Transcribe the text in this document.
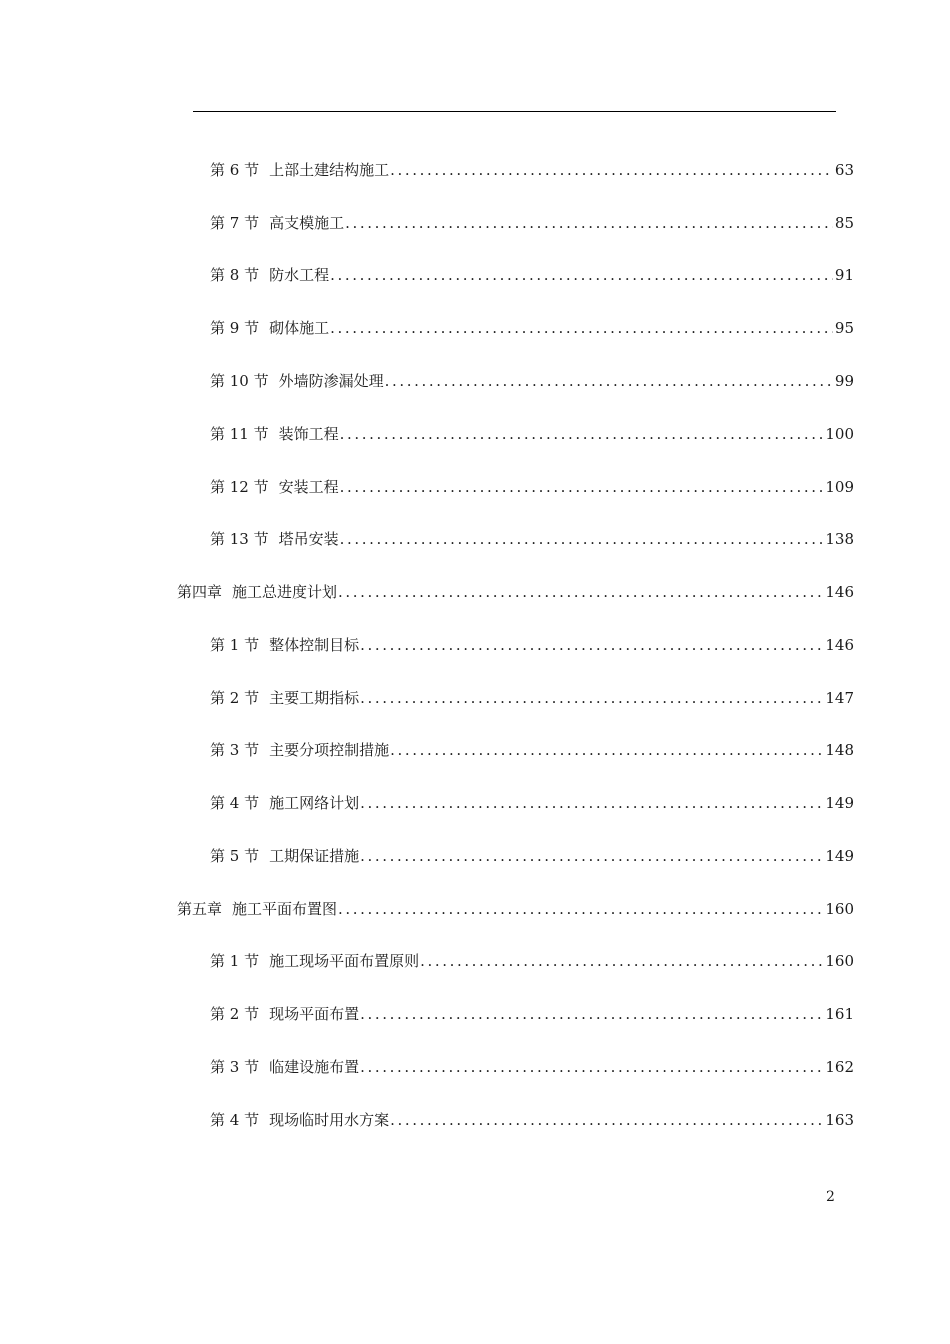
第 6 节 上部土建结构施工 .....	63
第 7 节 高支模施工 .....	85
第 8 节 防水工程 .....	91
第 9 节 砌体施工 .....	95
第 10 节 外墙防渗漏处理 .....	99
第 11 节 装饰工程 .....	100
第 12 节 安装工程 .....	109
第 13 节 塔吊安装 .....	138
第四章 施工总进度计划 .....	146
第 1 节 整体控制目标 .....	146
第 2 节 主要工期指标 .....	147
第 3 节 主要分项控制措施 .....	148
第 4 节 施工网络计划 .....	149
第 5 节 工期保证措施 .....	149
第五章 施工平面布置图 .....	160
第 1 节 施工现场平面布置原则 .....	160
第 2 节 现场平面布置 .....	161
第 3 节 临建设施布置 .....	162
第 4 节 现场临时用水方案 .....	163
2
